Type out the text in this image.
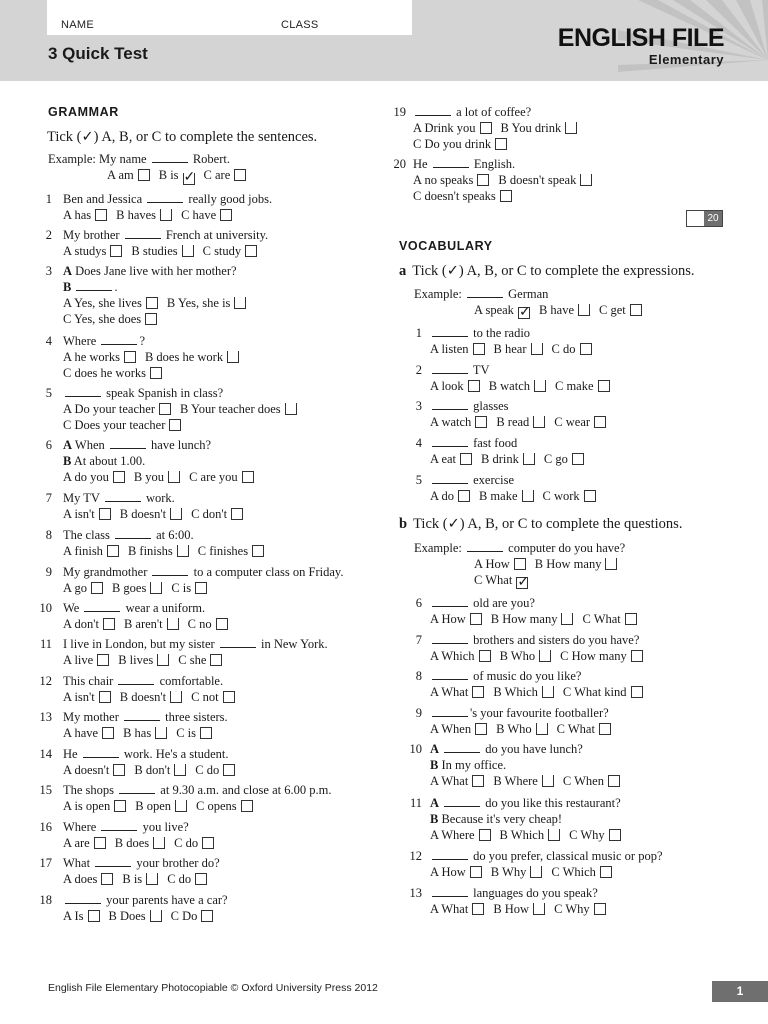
NAME	CLASS
3 Quick Test
ENGLISH FILE
Elementary
GRAMMAR
Tick (✓) A, B, or C to complete the sentences.
VOCABULARY
a Tick (✓) A, B, or C to complete the expressions.
b Tick (✓) A, B, or C to complete the questions.
20
Example: My name	Robert.
A am B is ✓ C are
1 Ben and Jessica	really good jobs.
A has B haves C have
2 My brother	French at university.
A studys B studies C study
3 A Does Jane live with her mother?
B	.
A Yes, she lives B Yes, she is
C Yes, she does
4 Where	?
A he works B does he work
C does he works
5	speak Spanish in class?
A Do your teacher B Your teacher does
C Does your teacher
6 A When	have lunch?
B At about 1.00.
A do you B you C are you
7 My TV	work.
A isn't B doesn't C don't
8 The class	at 6:00.
A finish B finishs C finishes
9 My grandmother	to a computer class on Friday.
A go B goes C is
10 We	wear a uniform.
A don't B aren't C no
11 I live in London, but my sister	in New York.
A live B lives C she
12 This chair	comfortable.
A isn't B doesn't C not
13 My mother	three sisters.
A have B has C is
14 He	work. He's a student.
A doesn't B don't C do
15 The shops	at 9.30 a.m. and close at 6.00 p.m.
A is open B open C opens
16 Where	you live?
A are B does C do
17 What	your brother do?
A does B is C do
18	your parents have a car?
A Is B Does C Do
19	a lot of coffee?
A Drink you B You drink
C Do you drink
20 He	English.
A no speaks B doesn't speak
C doesn't speaks
Example:	German
A speak ✓ B have C get
1	to the radio
A listen B hear C do
2	TV
A look B watch C make
3	glasses
A watch B read C wear
4	fast food
A eat B drink C go
5	exercise
A do B make C work
Example:	computer do you have?
A How B How many
C What ✓
6	old are you?
A How B How many C What
7	brothers and sisters do you have?
A Which B Who C How many
8	of music do you like?
A What B Which C What kind
9	's your favourite footballer?
A When B Who C What
10 A	do you have lunch?
B In my office.
A What B Where C When
11 A	do you like this restaurant?
B Because it's very cheap!
A Where B Which C Why
12	do you prefer, classical music or pop?
A How B Why C Which
13	languages do you speak?
A What B How C Why
English File Elementary Photocopiable © Oxford University Press 2012	1
